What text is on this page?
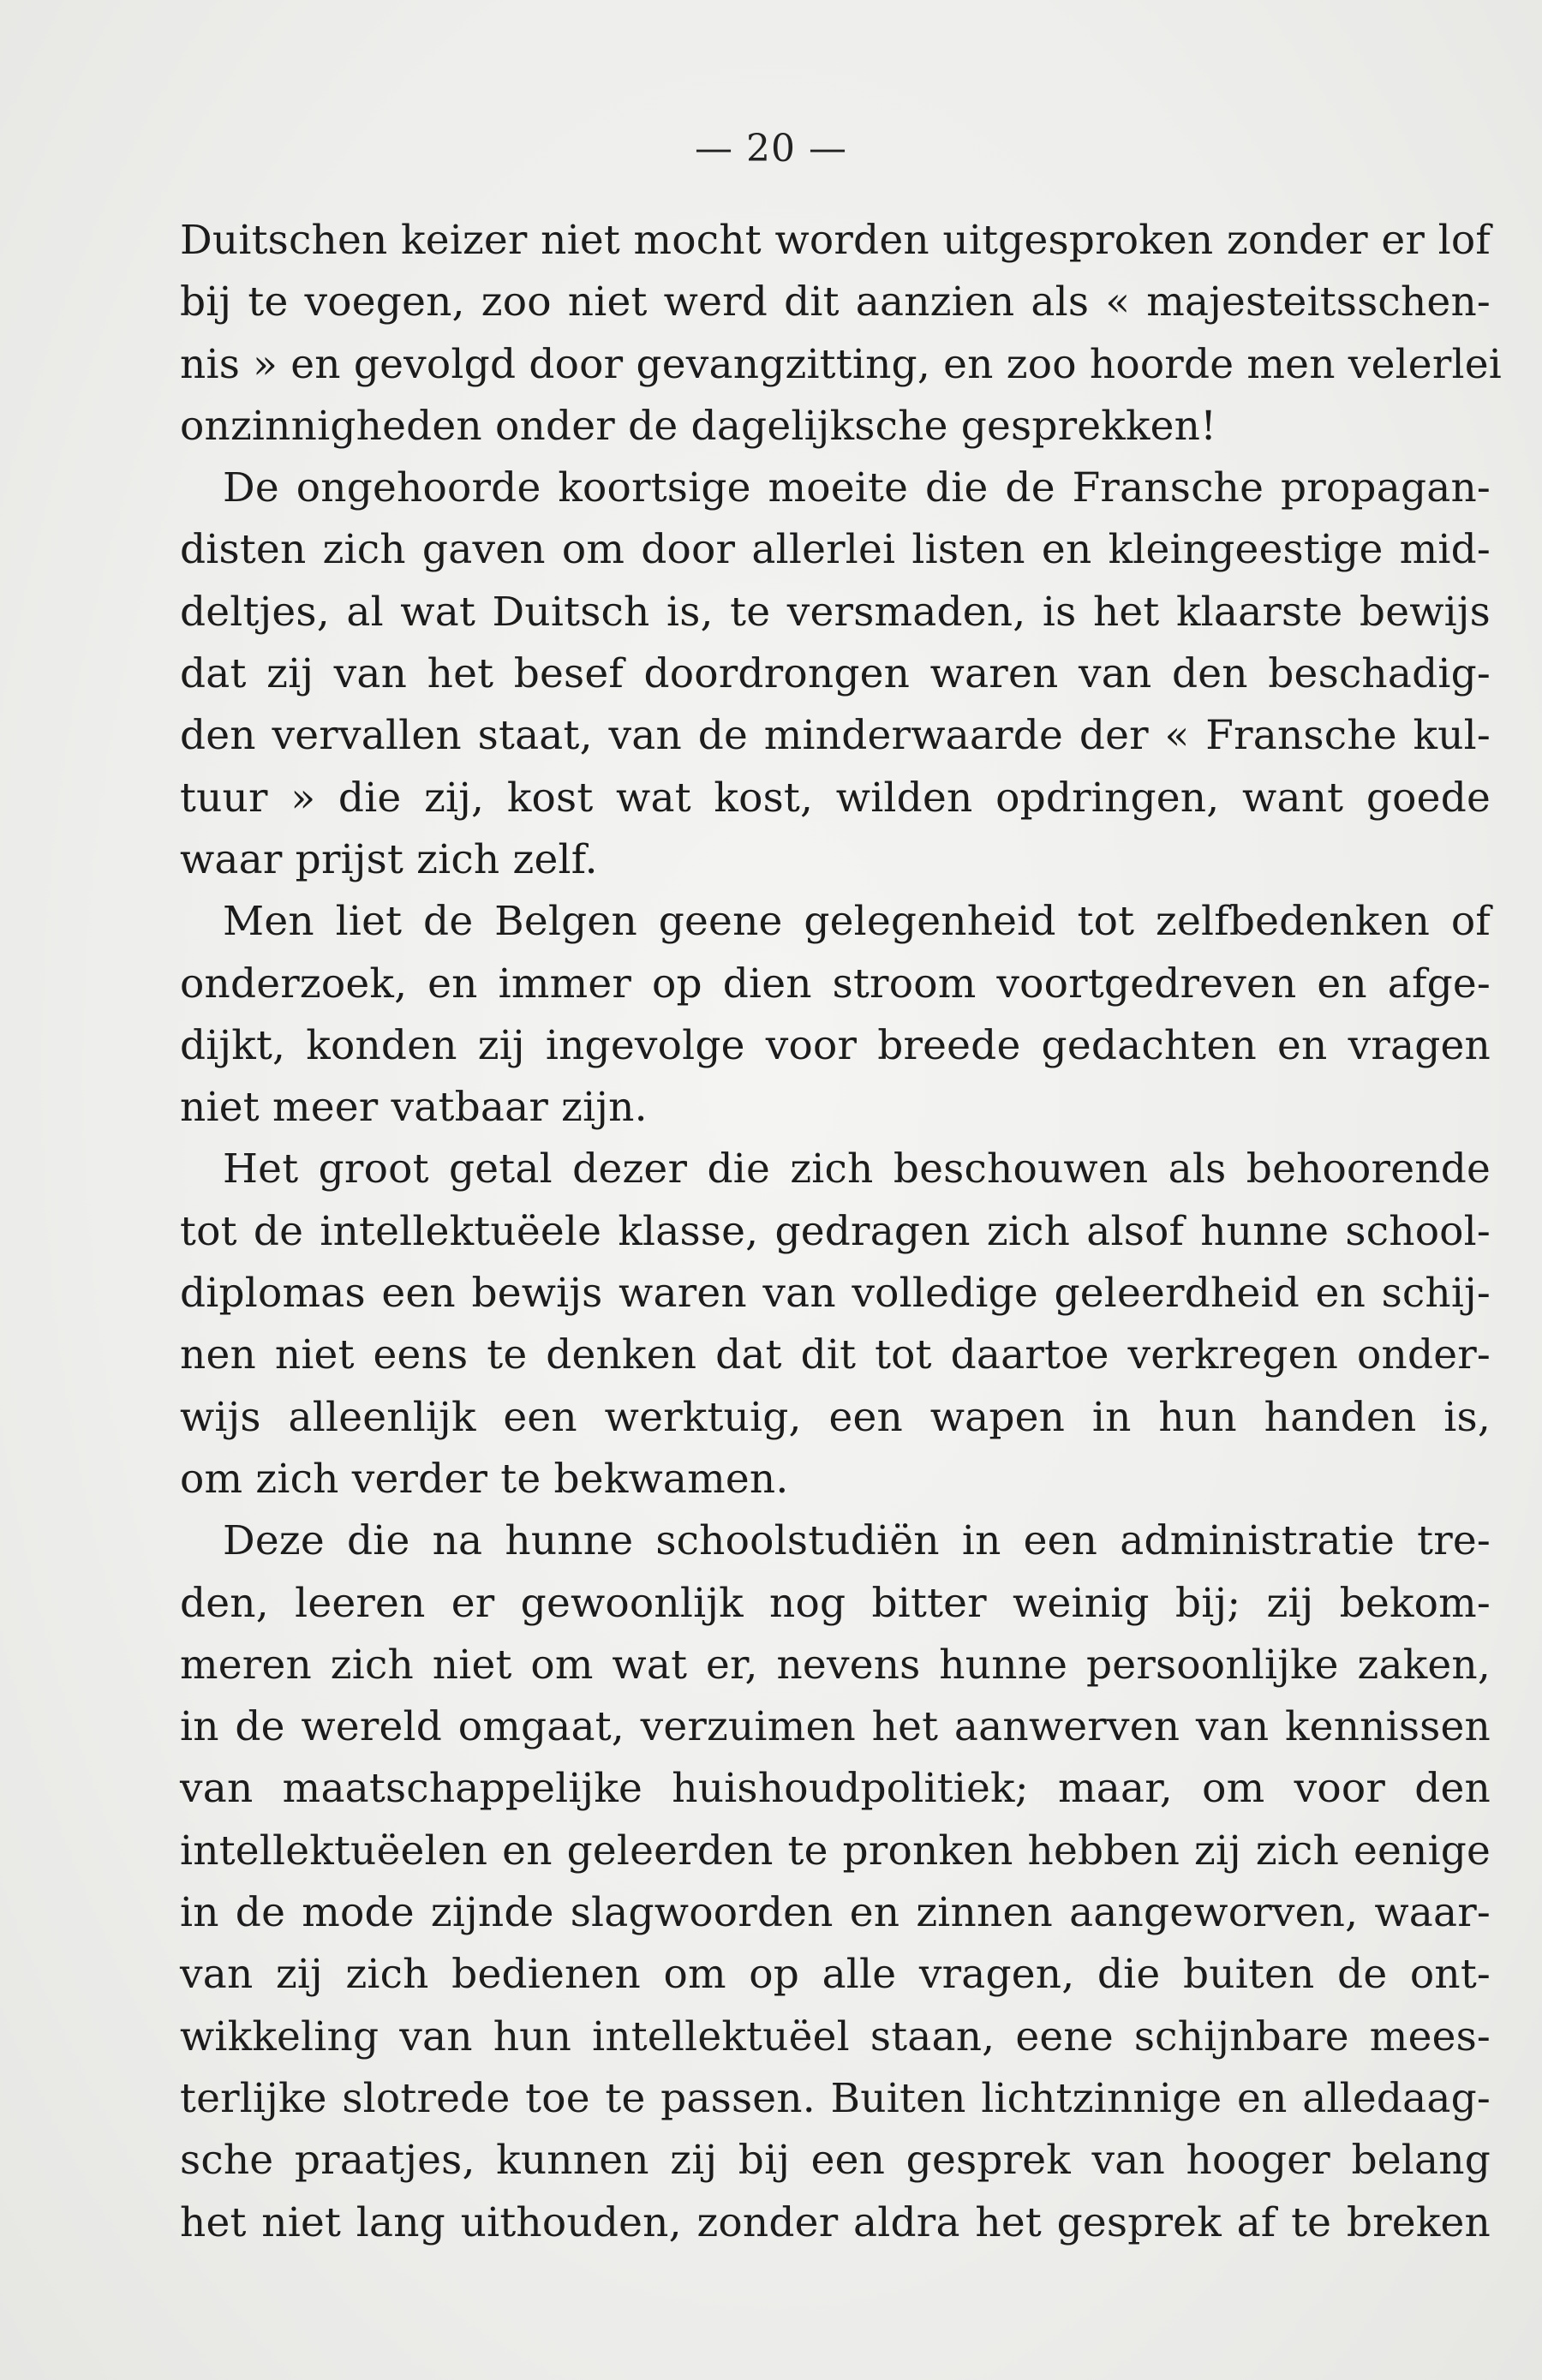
— 20 —
Duitschen keizer niet mocht worden uitgesproken zonder er lof
bij te voegen, zoo niet werd dit aanzien als « majesteitsschen-
nis » en gevolgd door gevangzitting, en zoo hoorde men velerlei
onzinnigheden onder de dagelijksche gesprekken!
De ongehoorde koortsige moeite die de Fransche propagan-
disten zich gaven om door allerlei listen en kleingeestige mid-
deltjes, al wat Duitsch is, te versmaden, is het klaarste bewijs
dat zij van het besef doordrongen waren van den beschadig-
den vervallen staat, van de minderwaarde der « Fransche kul-
tuur » die zij, kost wat kost, wilden opdringen, want goede
waar prijst zich zelf.
Men liet de Belgen geene gelegenheid tot zelfbedenken of
onderzoek, en immer op dien stroom voortgedreven en afge-
dijkt, konden zij ingevolge voor breede gedachten en vragen
niet meer vatbaar zijn.
Het groot getal dezer die zich beschouwen als behoorende
tot de intellektuëele klasse, gedragen zich alsof hunne school-
diplomas een bewijs waren van volledige geleerdheid en schij-
nen niet eens te denken dat dit tot daartoe verkregen onder-
wijs alleenlijk een werktuig, een wapen in hun handen is,
om zich verder te bekwamen.
Deze die na hunne schoolstudiën in een administratie tre-
den, leeren er gewoonlijk nog bitter weinig bij; zij bekom-
meren zich niet om wat er, nevens hunne persoonlijke zaken,
in de wereld omgaat, verzuimen het aanwerven van kennissen
van maatschappelijke huishoudpolitiek; maar, om voor den
intellektuëelen en geleerden te pronken hebben zij zich eenige
in de mode zijnde slagwoorden en zinnen aangeworven, waar-
van zij zich bedienen om op alle vragen, die buiten de ont-
wikkeling van hun intellektuëel staan, eene schijnbare mees-
terlijke slotrede toe te passen. Buiten lichtzinnige en alledaag-
sche praatjes, kunnen zij bij een gesprek van hooger belang
het niet lang uithouden, zonder aldra het gesprek af te breken
